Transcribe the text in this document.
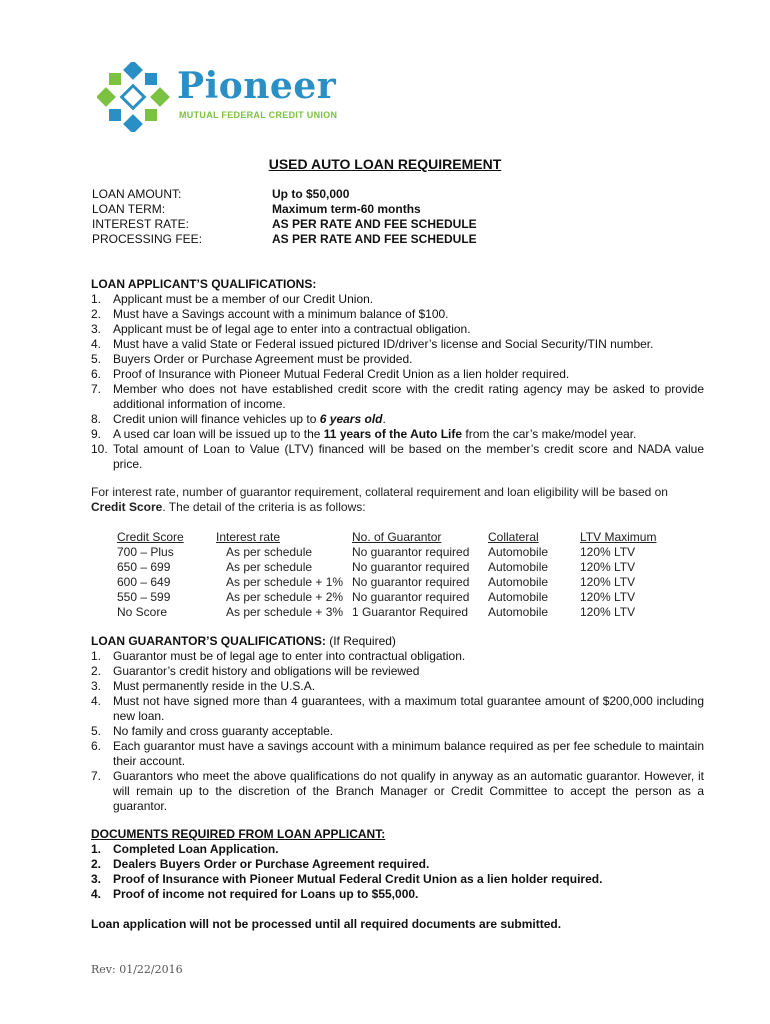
Pioneer
MUTUAL FEDERAL CREDIT UNION
USED AUTO LOAN REQUIREMENT
LOAN AMOUNT:	Up to $50,000
LOAN TERM:	Maximum term-60 months
INTEREST RATE:	AS PER RATE AND FEE SCHEDULE
PROCESSING FEE:	AS PER RATE AND FEE SCHEDULE
LOAN APPLICANT’S QUALIFICATIONS:
1. Applicant must be a member of our Credit Union.
2. Must have a Savings account with a minimum balance of $100.
3. Applicant must be of legal age to enter into a contractual obligation.
4. Must have a valid State or Federal issued pictured ID/driver’s license and Social Security/TIN number.
5. Buyers Order or Purchase Agreement must be provided.
6. Proof of Insurance with Pioneer Mutual Federal Credit Union as a lien holder required.
7. Member who does not have established credit score with the credit rating agency may be asked to provide additional information of income.
8. Credit union will finance vehicles up to 6 years old.
9. A used car loan will be issued up to the 11 years of the Auto Life from the car’s make/model year.
10. Total amount of Loan to Value (LTV) financed will be based on the member’s credit score and NADA value price.
For interest rate, number of guarantor requirement, collateral requirement and loan eligibility will be based on Credit Score. The detail of the criteria is as follows:
Credit Score	Interest rate	No. of Guarantor	Collateral	LTV Maximum
700 – Plus	As per schedule	No guarantor required	Automobile	120% LTV
650 – 699	As per schedule	No guarantor required	Automobile	120% LTV
600 – 649	As per schedule + 1%	No guarantor required	Automobile	120% LTV
550 – 599	As per schedule + 2%	No guarantor required	Automobile	120% LTV
No Score	As per schedule + 3%	1 Guarantor Required	Automobile	120% LTV
LOAN GUARANTOR’S QUALIFICATIONS: (If Required)
1. Guarantor must be of legal age to enter into contractual obligation.
2. Guarantor’s credit history and obligations will be reviewed
3. Must permanently reside in the U.S.A.
4. Must not have signed more than 4 guarantees, with a maximum total guarantee amount of $200,000 including new loan.
5. No family and cross guaranty acceptable.
6. Each guarantor must have a savings account with a minimum balance required as per fee schedule to maintain their account.
7. Guarantors who meet the above qualifications do not qualify in anyway as an automatic guarantor. However, it will remain up to the discretion of the Branch Manager or Credit Committee to accept the person as a guarantor.
DOCUMENTS REQUIRED FROM LOAN APPLICANT:
1. Completed Loan Application.
2. Dealers Buyers Order or Purchase Agreement required.
3. Proof of Insurance with Pioneer Mutual Federal Credit Union as a lien holder required.
4. Proof of income not required for Loans up to $55,000.
Loan application will not be processed until all required documents are submitted.
Rev: 01/22/2016
